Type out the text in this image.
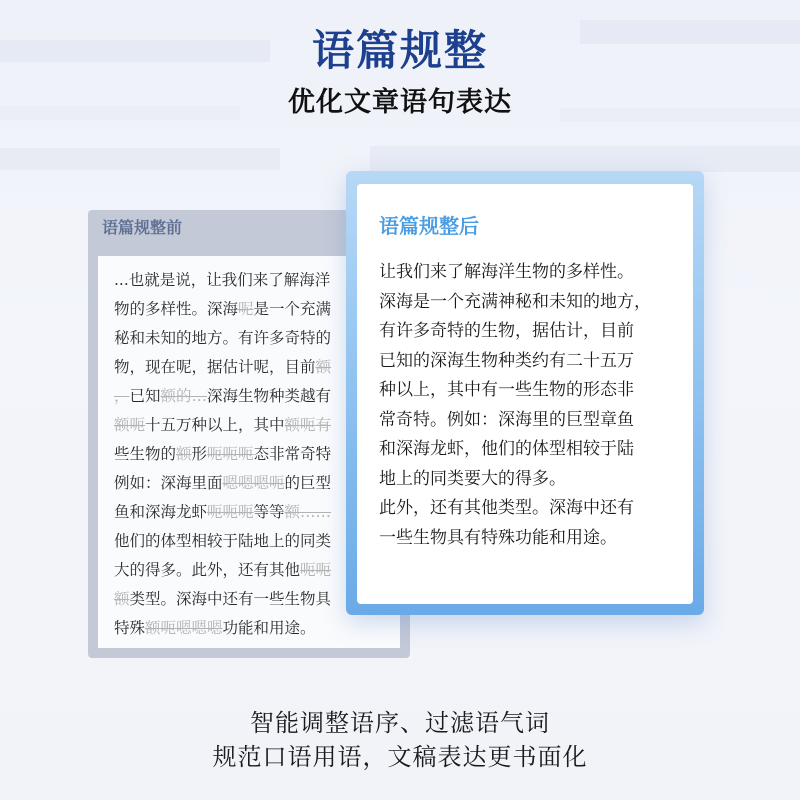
语篇规整
优化文章语句表达
语篇规整前
...也就是说，让我们来了解海洋
物的多样性。深海呢是一个充满
秘和未知的地方。有许多奇特的
物，现在呢，据估计呢，目前额
，已知额的…深海生物种类越有
额呃十五万种以上，其中额呃有
些生物的额形呃呃呃态非常奇特
例如：深海里面嗯嗯嗯呃的巨型
鱼和深海龙虾呃呃呃等等额……
他们的体型相较于陆地上的同类
大的得多。此外，还有其他呃呃
额类型。深海中还有一些生物具
特殊额呃嗯嗯嗯功能和用途。
语篇规整后
让我们来了解海洋生物的多样性。
深海是一个充满神秘和未知的地方，
有许多奇特的生物，据估计，目前
已知的深海生物种类约有二十五万
种以上，其中有一些生物的形态非
常奇特。例如：深海里的巨型章鱼
和深海龙虾，他们的体型相较于陆
地上的同类要大的得多。
此外，还有其他类型。深海中还有
一些生物具有特殊功能和用途。
智能调整语序、过滤语气词
规范口语用语，文稿表达更书面化
